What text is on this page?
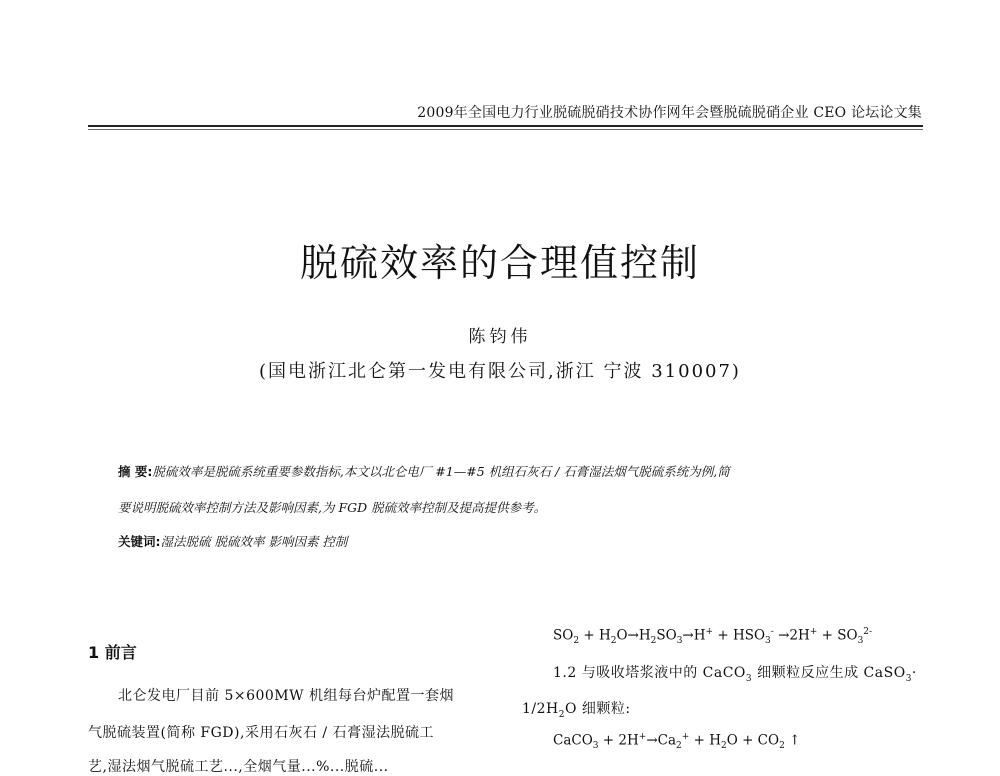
2009年全国电力行业脱硫脱硝技术协作网年会暨脱硫脱硝企业 CEO 论坛论文集
脱硫效率的合理值控制
陈钧伟
(国电浙江北仑第一发电有限公司,浙江 宁波 310007)
摘 要:脱硫效率是脱硫系统重要参数指标,本文以北仑电厂 #1—#5 机组石灰石 / 石膏湿法烟气脱硫系统为例,简
要说明脱硫效率控制方法及影响因素,为 FGD 脱硫效率控制及提高提供参考。
关键词:湿法脱硫 脱硫效率 影响因素 控制
1 前言
北仑发电厂目前 5×600MW 机组每台炉配置一套烟
气脱硫装置(简称 FGD),采用石灰石 / 石膏湿法脱硫工
艺,湿法烟气脱硫工艺...,全烟气量...%...脱硫...
$SO_2 + H_2O\to H_2SO_3\to H^+ + HSO_3^- \to 2H^+ + SO_3^{2-}$
1.2 与吸收塔浆液中的 CaCO$_3$ 细颗粒反应生成 CaSO$_3$·
$1/2H_2O$ 细颗粒:
CaCO$_3$ + $2H^+\to Ca_2^+ + H_2O + CO_2$ ↑
